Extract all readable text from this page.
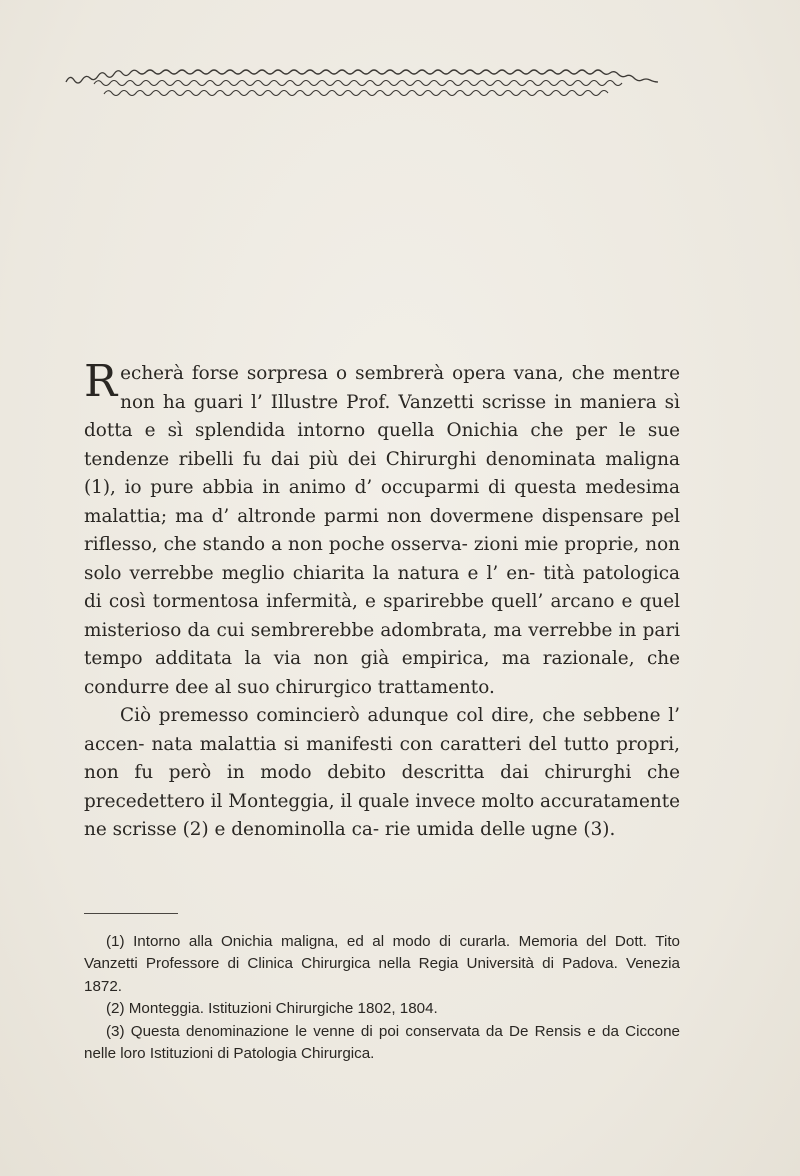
Recherà forse sorpresa o sembrerà opera vana, che mentre non ha guari l’ Illustre Prof. Vanzetti scrisse in maniera sì dotta e sì splendida intorno quella Onichia che per le sue tendenze ribelli fu dai più dei Chirurghi denominata maligna (1), io pure abbia in animo d’ occuparmi di questa medesima malattia; ma d’ altronde parmi non dovermene dispensare pel riflesso, che stando a non poche osserva- zioni mie proprie, non solo verrebbe meglio chiarita la natura e l’ en- tità patologica di così tormentosa infermità, e sparirebbe quell’ arcano e quel misterioso da cui sembrerebbe adombrata, ma verrebbe in pari tempo additata la via non già empirica, ma razionale, che condurre dee al suo chirurgico trattamento.

Ciò premesso comincierò adunque col dire, che sebbene l’ accen- nata malattia si manifesti con caratteri del tutto propri, non fu però in modo debito descritta dai chirurghi che precedettero il Monteggia, il quale invece molto accuratamente ne scrisse (2) e denominolla ca- rie umida delle ugne (3).

(1) Intorno alla Onichia maligna, ed al modo di curarla. Memoria del Dott. Tito Vanzetti Professore di Clinica Chirurgica nella Regia Università di Padova. Venezia 1872.

(2) Monteggia. Istituzioni Chirurgiche 1802, 1804.

(3) Questa denominazione le venne di poi conservata da De Rensis e da Ciccone nelle loro Istituzioni di Patologia Chirurgica.
